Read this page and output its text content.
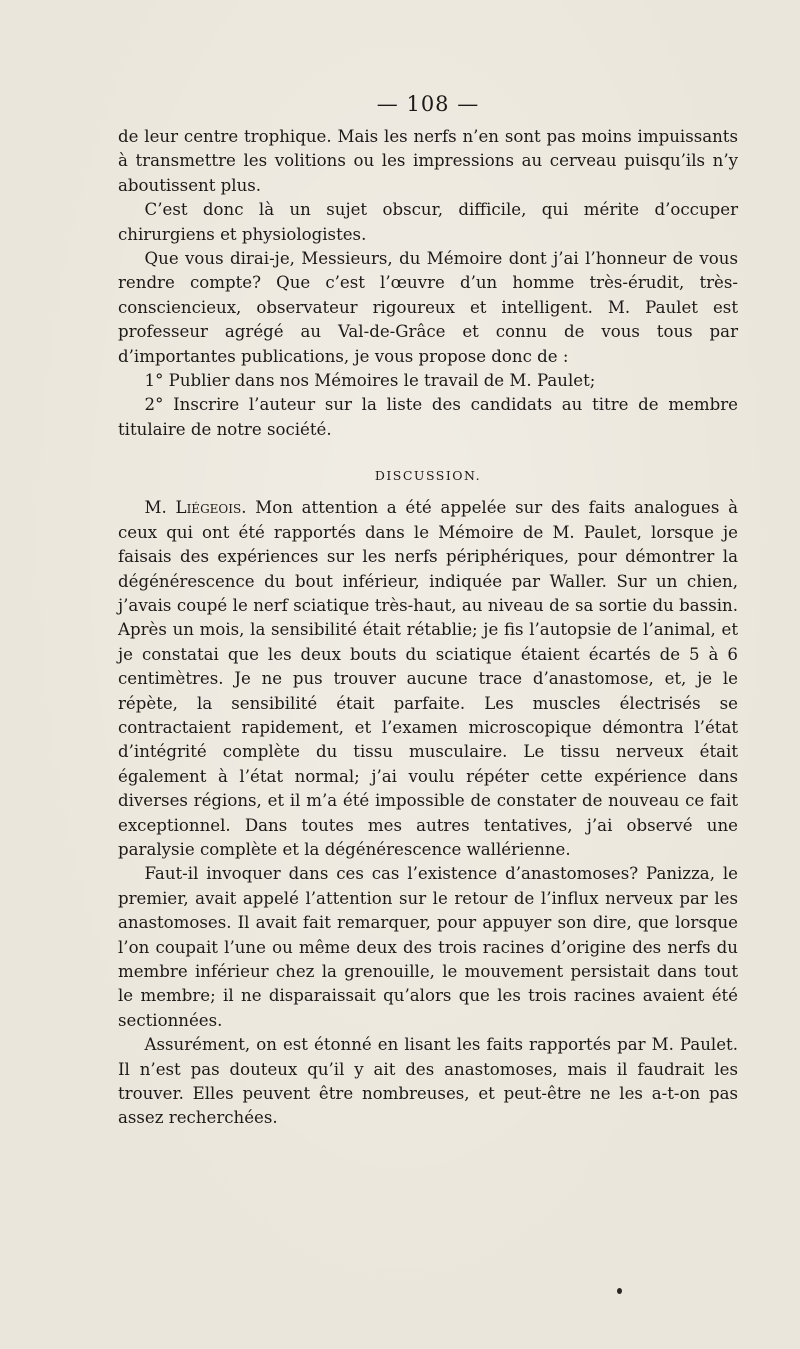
— 108 —

de leur centre trophique. Mais les nerfs n’en sont pas moins impuissants à transmettre les volitions ou les impressions au cerveau puisqu’ils n’y aboutissent plus.

C’est donc là un sujet obscur, difficile, qui mérite d’occuper chirurgiens et physiologistes.

Que vous dirai-je, Messieurs, du Mémoire dont j’ai l’honneur de vous rendre compte? Que c’est l’œuvre d’un homme très-érudit, très-consciencieux, observateur rigoureux et intelligent. M. Paulet est professeur agrégé au Val-de-Grâce et connu de vous tous par d’importantes publications, je vous propose donc de :

1° Publier dans nos Mémoires le travail de M. Paulet;

2° Inscrire l’auteur sur la liste des candidats au titre de membre titulaire de notre société.

DISCUSSION.

M. Liégeois. Mon attention a été appelée sur des faits analogues à ceux qui ont été rapportés dans le Mémoire de M. Paulet, lorsque je faisais des expériences sur les nerfs périphériques, pour démontrer la dégénérescence du bout inférieur, indiquée par Waller. Sur un chien, j’avais coupé le nerf sciatique très-haut, au niveau de sa sortie du bassin. Après un mois, la sensibilité était rétablie; je fis l’autopsie de l’animal, et je constatai que les deux bouts du sciatique étaient écartés de 5 à 6 centimètres. Je ne pus trouver aucune trace d’anastomose, et, je le répète, la sensibilité était parfaite. Les muscles électrisés se contractaient rapidement, et l’examen microscopique démontra l’état d’intégrité complète du tissu musculaire. Le tissu nerveux était également à l’état normal; j’ai voulu répéter cette expérience dans diverses régions, et il m’a été impossible de constater de nouveau ce fait exceptionnel. Dans toutes mes autres tentatives, j’ai observé une paralysie complète et la dégénérescence wallérienne.

Faut-il invoquer dans ces cas l’existence d’anastomoses? Panizza, le premier, avait appelé l’attention sur le retour de l’influx nerveux par les anastomoses. Il avait fait remarquer, pour appuyer son dire, que lorsque l’on coupait l’une ou même deux des trois racines d’origine des nerfs du membre inférieur chez la grenouille, le mouvement persistait dans tout le membre; il ne disparaissait qu’alors que les trois racines avaient été sectionnées.

Assurément, on est étonné en lisant les faits rapportés par M. Paulet. Il n’est pas douteux qu’il y ait des anastomoses, mais il faudrait les trouver. Elles peuvent être nombreuses, et peut-être ne les a-t-on pas assez recherchées.
